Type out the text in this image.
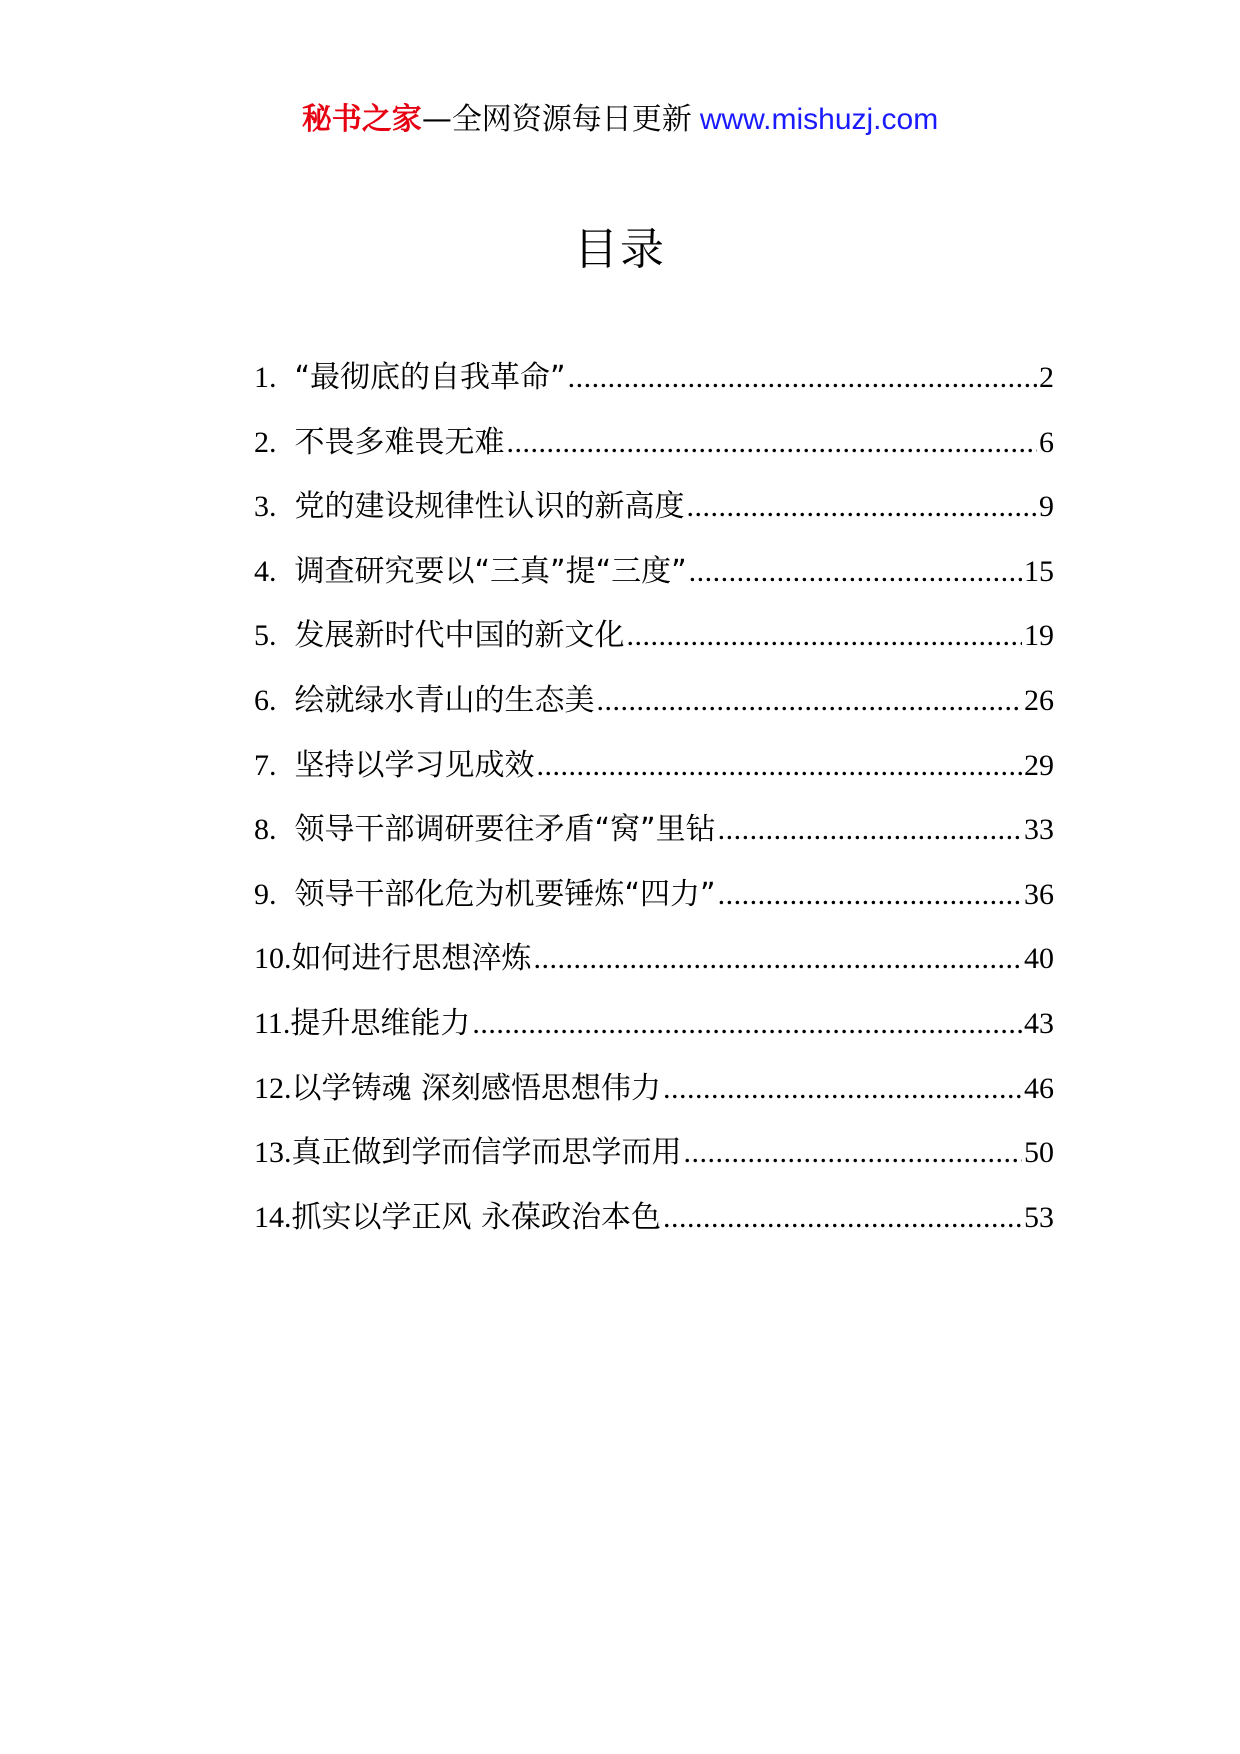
秘书之家—全网资源每日更新 www.mishuzj.com
目录
1. “最彻底的自我革命” .....	2
2. 不畏多难畏无难 .....	6
3. 党的建设规律性认识的新高度 .....	9
4. 调查研究要以“三真”提“三度” .....	15
5. 发展新时代中国的新文化 .....	19
6. 绘就绿水青山的生态美 .....	26
7. 坚持以学习见成效 .....	29
8. 领导干部调研要往矛盾“窝”里钻 .....	33
9. 领导干部化危为机要锤炼“四力” .....	36
10. 如何进行思想淬炼 .....	40
11. 提升思维能力 .....	43
12. 以学铸魂 深刻感悟思想伟力 .....	46
13. 真正做到学而信学而思学而用 .....	50
14. 抓实以学正风 永葆政治本色 .....	53
